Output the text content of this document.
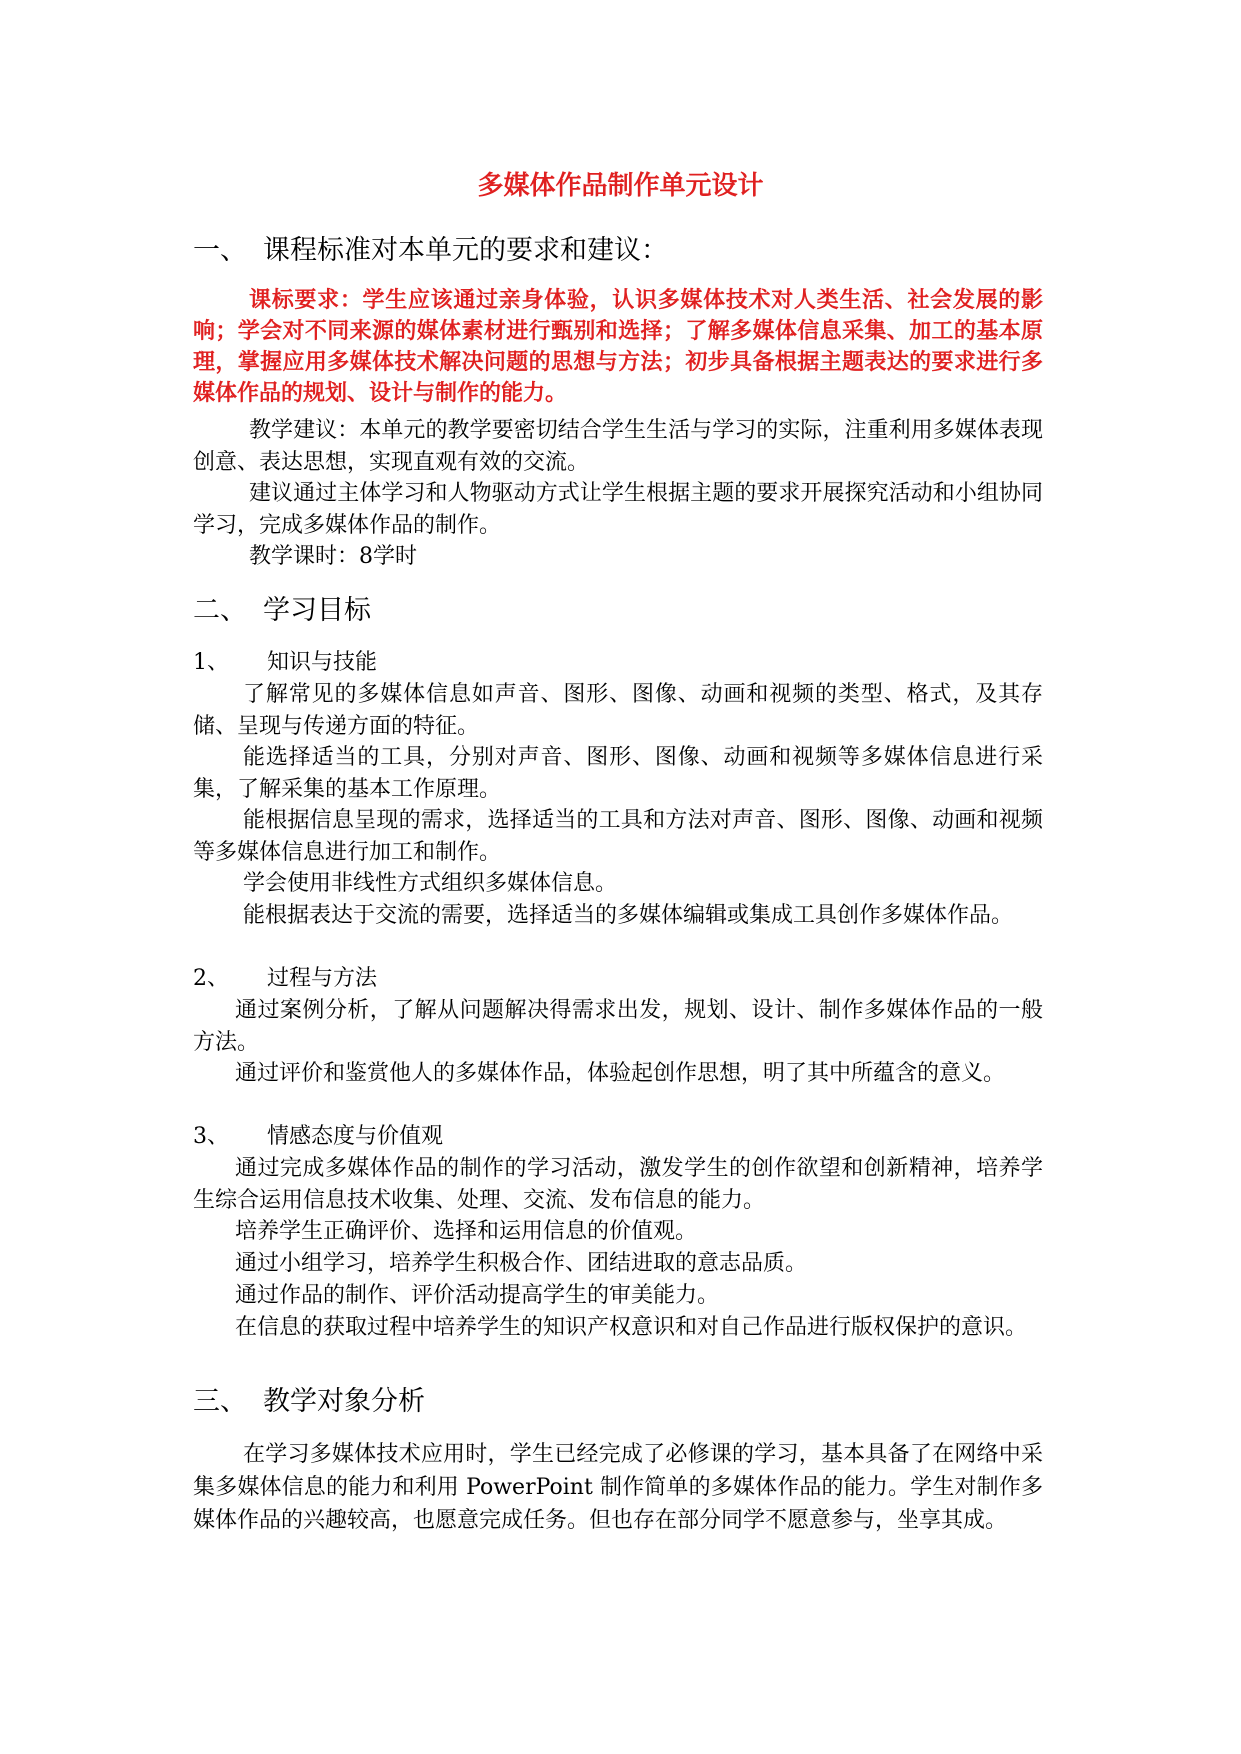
多媒体作品制作单元设计
一、 课程标准对本单元的要求和建议：

课标要求：学生应该通过亲身体验，认识多媒体技术对人类生活、社会发展的影响；学会对不同来源的媒体素材进行甄别和选择；了解多媒体信息采集、加工的基本原理，掌握应用多媒体技术解决问题的思想与方法；初步具备根据主题表达的要求进行多媒体作品的规划、设计与制作的能力。

教学建议：本单元的教学要密切结合学生生活与学习的实际，注重利用多媒体表现创意、表达思想，实现直观有效的交流。

建议通过主体学习和人物驱动方式让学生根据主题的要求开展探究活动和小组协同学习，完成多媒体作品的制作。

教学课时：8学时

二、 学习目标
1、 知识与技能

了解常见的多媒体信息如声音、图形、图像、动画和视频的类型、格式，及其存储、呈现与传递方面的特征。

能选择适当的工具，分别对声音、图形、图像、动画和视频等多媒体信息进行采集，了解采集的基本工作原理。

能根据信息呈现的需求，选择适当的工具和方法对声音、图形、图像、动画和视频等多媒体信息进行加工和制作。

学会使用非线性方式组织多媒体信息。

能根据表达于交流的需要，选择适当的多媒体编辑或集成工具创作多媒体作品。

2、 过程与方法

通过案例分析，了解从问题解决得需求出发，规划、设计、制作多媒体作品的一般方法。

通过评价和鉴赏他人的多媒体作品，体验起创作思想，明了其中所蕴含的意义。

3、 情感态度与价值观

通过完成多媒体作品的制作的学习活动，激发学生的创作欲望和创新精神，培养学生综合运用信息技术收集、处理、交流、发布信息的能力。

培养学生正确评价、选择和运用信息的价值观。

通过小组学习，培养学生积极合作、团结进取的意志品质。

通过作品的制作、评价活动提高学生的审美能力。

在信息的获取过程中培养学生的知识产权意识和对自己作品进行版权保护的意识。

三、 教学对象分析

在学习多媒体技术应用时，学生已经完成了必修课的学习，基本具备了在网络中采集多媒体信息的能力和利用 PowerPoint 制作简单的多媒体作品的能力。学生对制作多媒体作品的兴趣较高，也愿意完成任务。但也存在部分同学不愿意参与，坐享其成。
